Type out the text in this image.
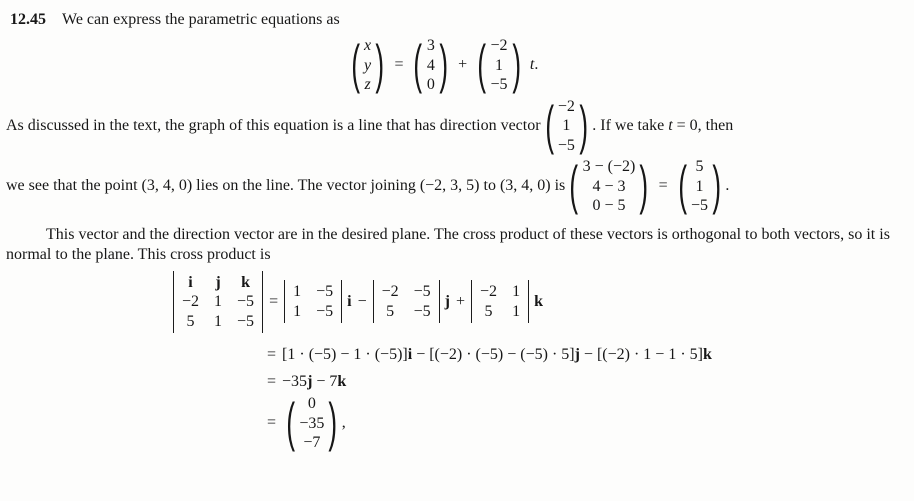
12.45 We can express the parametric equations as

( x
y
z ) = ( 3
4
0 ) + ( −2
1
−5 ) t .
As discussed in the text, the graph of this equation is a line that has direction vector ( −2
1
−5 ) . If we take t = 0, then
we see that the point (3, 4, 0) lies on the line. The vector joining (−2, 3, 5) to (3, 4, 0) is ( 3 − (−2)
4 − 3
0 − 5 ) = ( 5
1
−5 ) .

This vector and the direction vector are in the desired plane. The cross product of these vectors is orthogonal to both vectors, so it is normal to the plane. This cross product is

i	j k
−2 1 −5
5 1 −5
=
1 −5
1 −5
i −
−2 −5
5 −5
j +
−2 1
5 1
k
= [1 · (−5) − 1 · (−5)] i − [(−2) · (−5) − (−5) · 5] j − [(−2) · 1 − 1 · 5] k
= −35 j − 7 k
= ( 0
−35
−7 ) ,
